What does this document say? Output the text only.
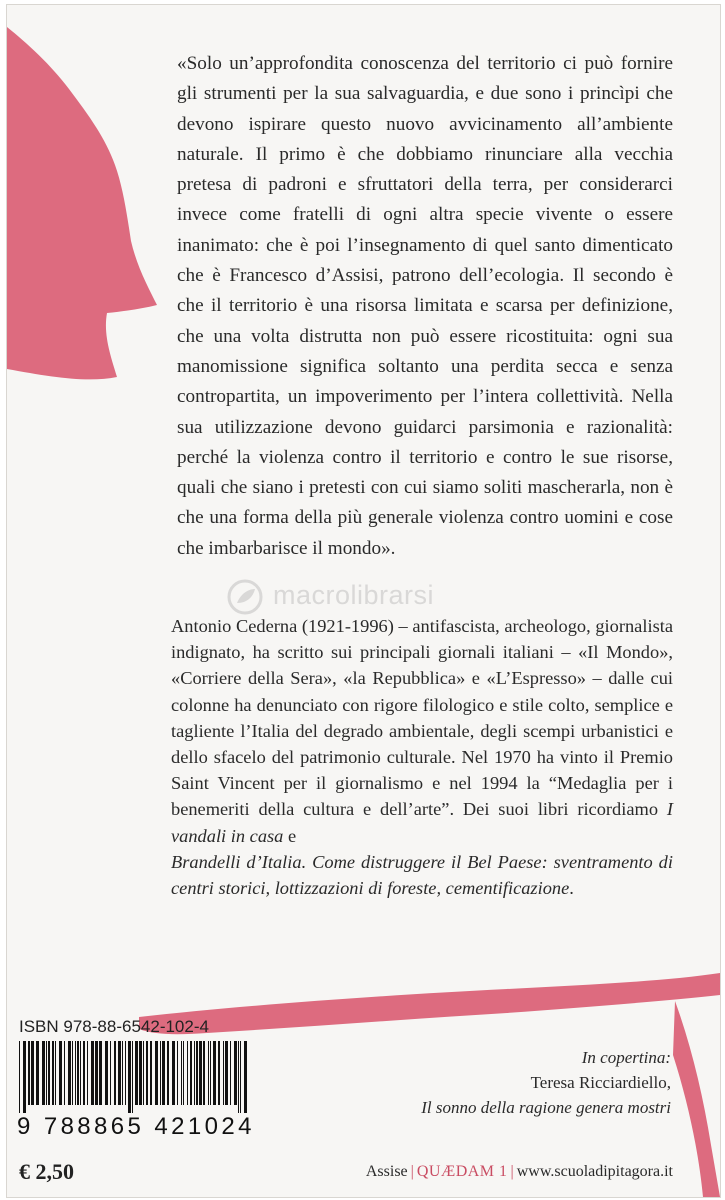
«Solo un’approfondita conoscenza del territorio ci può fornire gli strumenti per la sua salvaguardia, e due sono i princìpi che devono ispirare questo nuovo avvicinamento all’ambiente naturale. Il primo è che dobbiamo rinunciare alla vecchia pretesa di padroni e sfruttatori della terra, per considerarci invece come fratelli di ogni altra specie vivente o essere inanimato: che è poi l’insegnamento di quel santo dimenticato che è Francesco d’Assisi, patrono dell’ecologia. Il secondo è che il territorio è una risorsa limitata e scarsa per definizione, che una volta distrutta non può essere ricostituita: ogni sua manomissione significa soltanto una perdita secca e senza contropartita, un impoverimento per l’intera collettività. Nella sua utilizzazione devono guidarci parsimonia e razionalità: perché la violenza contro il territorio e contro le sue risorse, quali che siano i pretesti con cui siamo soliti mascherarla, non è che una forma della più generale violenza contro uomini e cose che imbarbarisce il mondo».
macrolibrarsi
Antonio Cederna (1921-1996) – antifascista, archeologo, giornalista indignato, ha scritto sui principali giornali italiani – «Il Mondo», «Corriere della Sera», «la Repubblica» e «L’Espresso» – dalle cui colonne ha denunciato con rigore filologico e stile colto, semplice e tagliente l’Italia del degrado ambientale, degli scempi urbanistici e dello sfacelo del patrimonio culturale. Nel 1970 ha vinto il Premio Saint Vincent per il giornalismo e nel 1994 la “Medaglia per i benemeriti della cultura e dell’arte”. Dei suoi libri ricordiamo I vandali in casa e
Brandelli d’Italia. Come distruggere il Bel Paese: sventramento di centri storici, lottizzazioni di foreste, cementificazione.
ISBN 978-88-6542-102-4
9 788865 421024
€ 2,50
In copertina:
Teresa Ricciardiello,
Il sonno della ragione genera mostri
Assise | QUÆDAM 1 | www.scuoladipitagora.it
